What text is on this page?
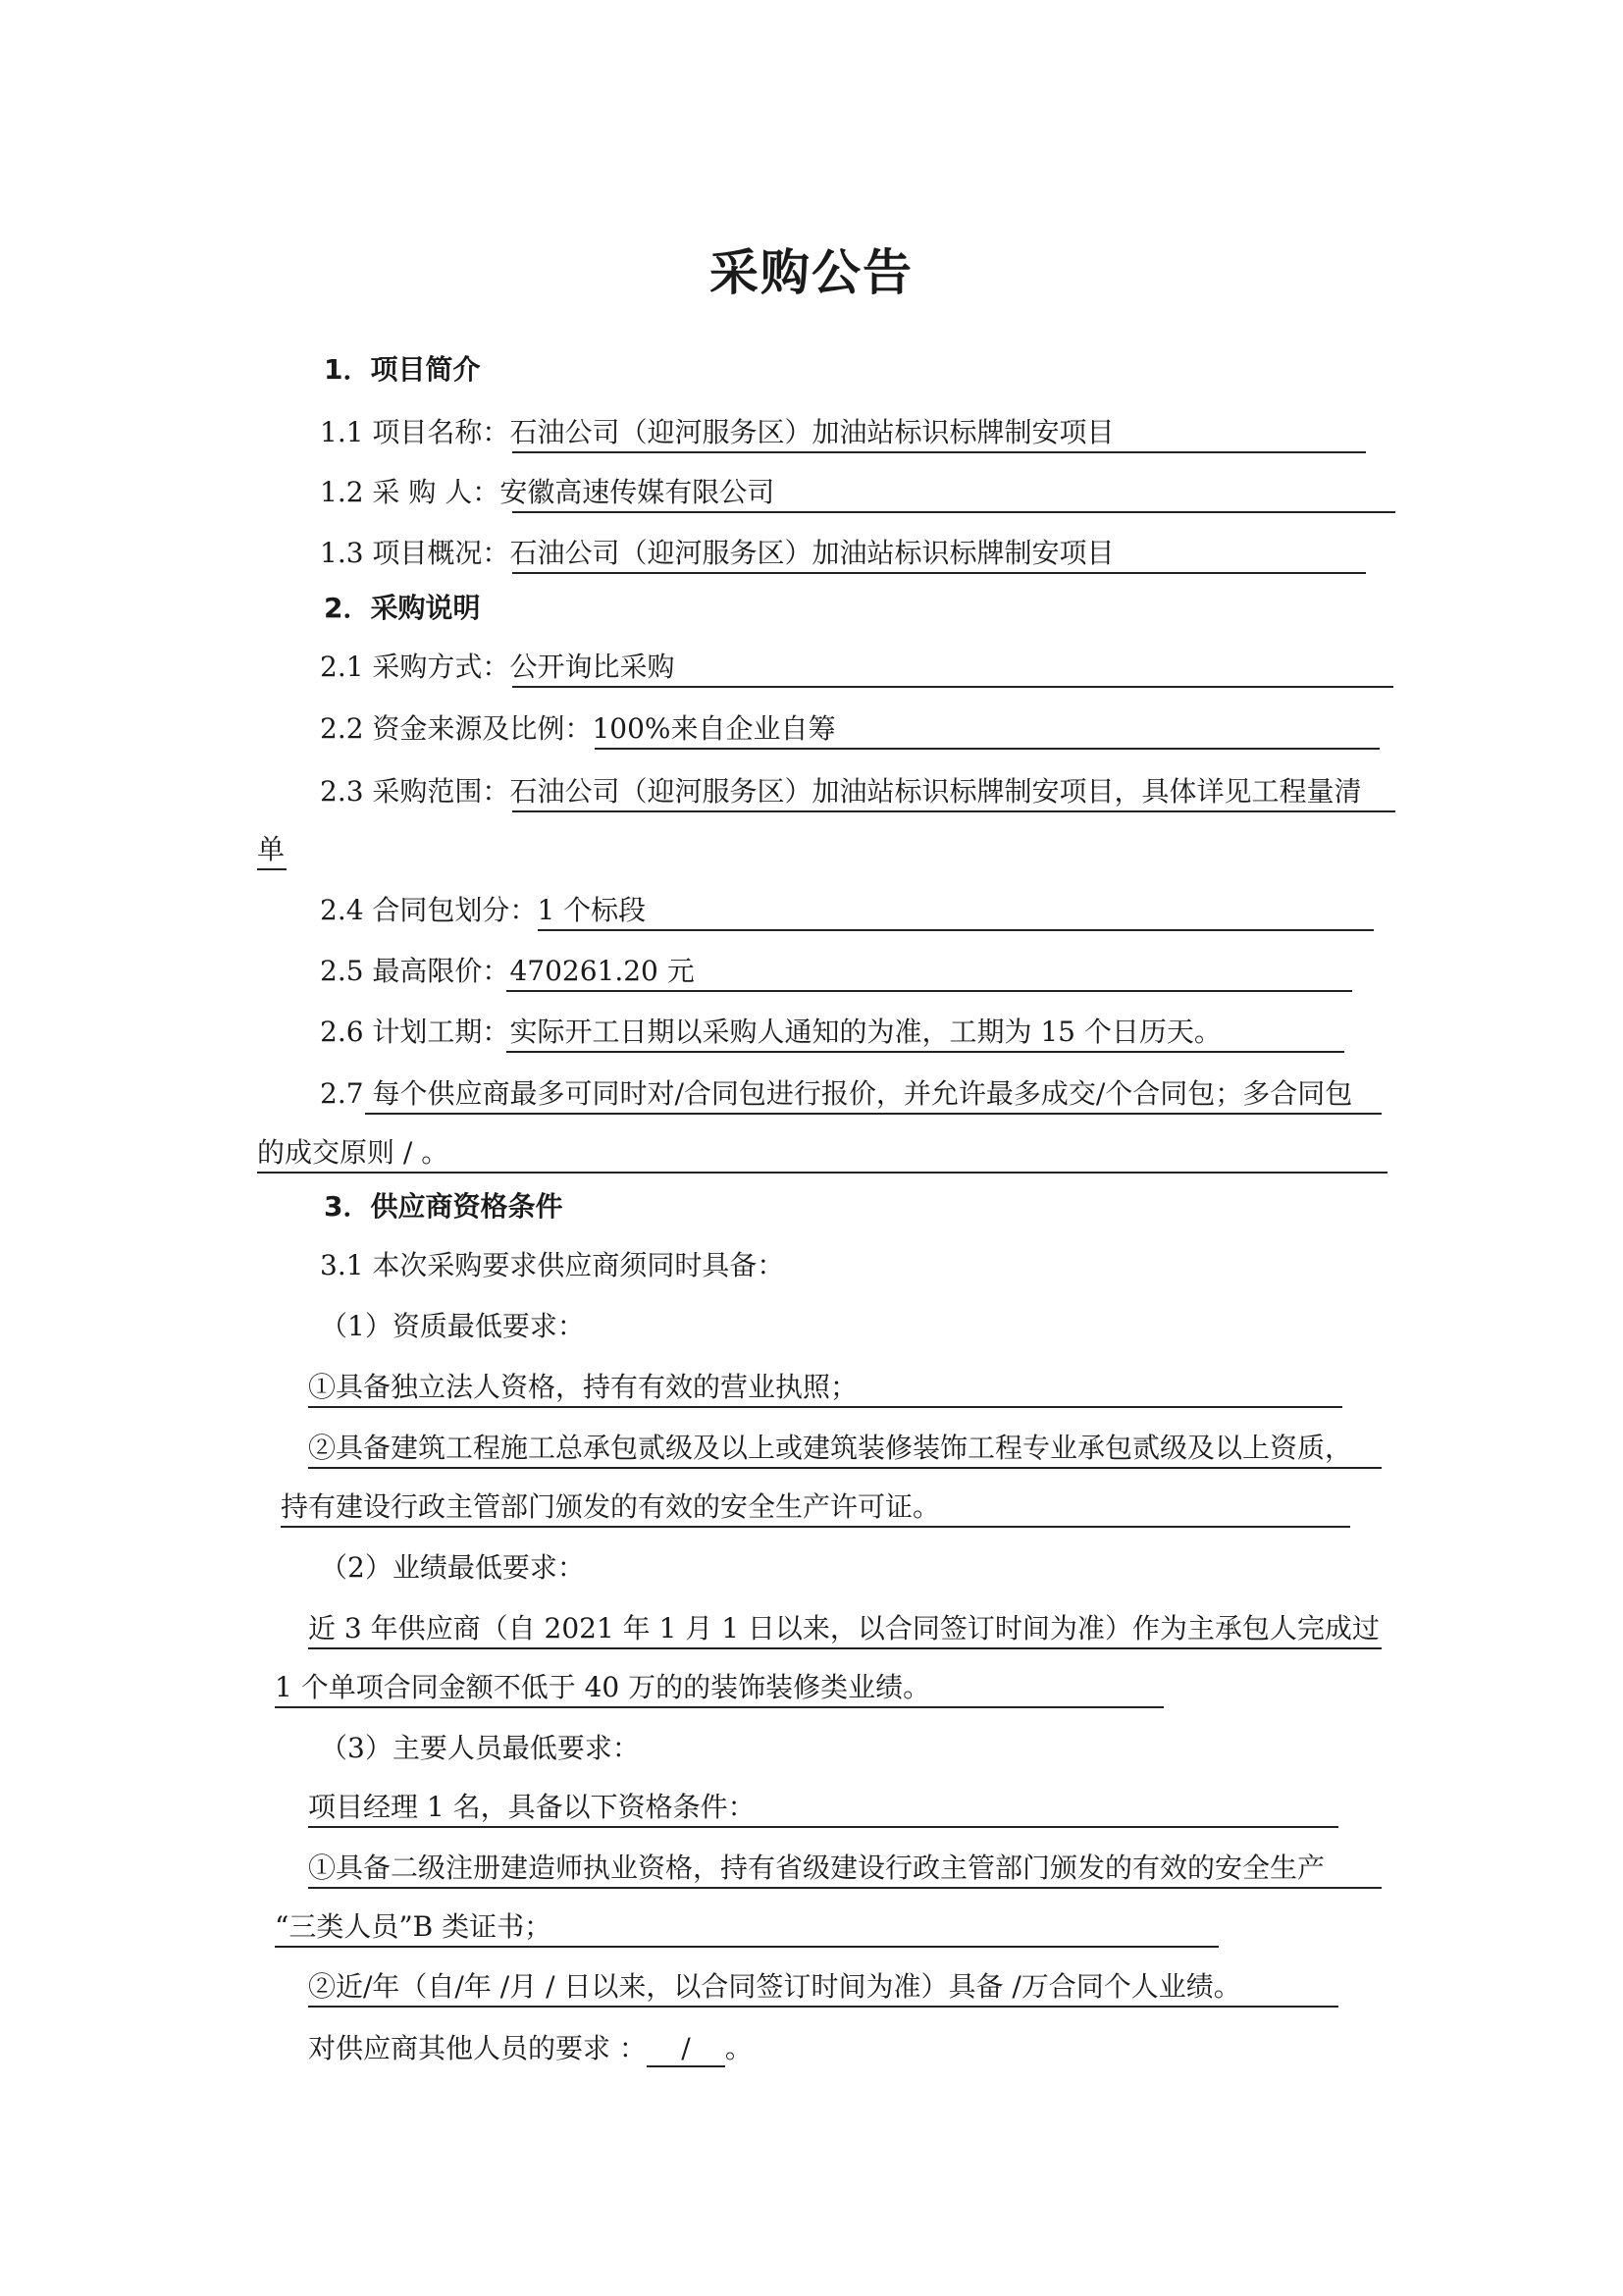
采购公告
1．项目简介
1.1 项目名称：石油公司（迎河服务区）加油站标识标牌制安项目
1.2 采 购 人：安徽高速传媒有限公司
1.3 项目概况：石油公司（迎河服务区）加油站标识标牌制安项目
2．采购说明
2.1 采购方式：公开询比采购
2.2 资金来源及比例：100%来自企业自筹
2.3 采购范围：石油公司（迎河服务区）加油站标识标牌制安项目，具体详见工程量清
单
2.4 合同包划分：1 个标段
2.5 最高限价：470261.20 元
2.6 计划工期：实际开工日期以采购人通知的为准，工期为 15 个日历天。
2.7 每个供应商最多可同时对/合同包进行报价，并允许最多成交/个合同包；多合同包
的成交原则 / 。
3．供应商资格条件
3.1 本次采购要求供应商须同时具备：
（1）资质最低要求：
①具备独立法人资格，持有有效的营业执照；
②具备建筑工程施工总承包贰级及以上或建筑装修装饰工程专业承包贰级及以上资质，
持有建设行政主管部门颁发的有效的安全生产许可证。
（2）业绩最低要求：
近 3 年供应商（自 2021 年 1 月 1 日以来，以合同签订时间为准）作为主承包人完成过
1 个单项合同金额不低于 40 万的的装饰装修类业绩。
（3）主要人员最低要求：
项目经理 1 名，具备以下资格条件：
①具备二级注册建造师执业资格，持有省级建设行政主管部门颁发的有效的安全生产
“三类人员”B 类证书；
②近/年（自/年 /月 / 日以来，以合同签订时间为准）具备 /万合同个人业绩。
对供应商其他人员的要求 ：/。
